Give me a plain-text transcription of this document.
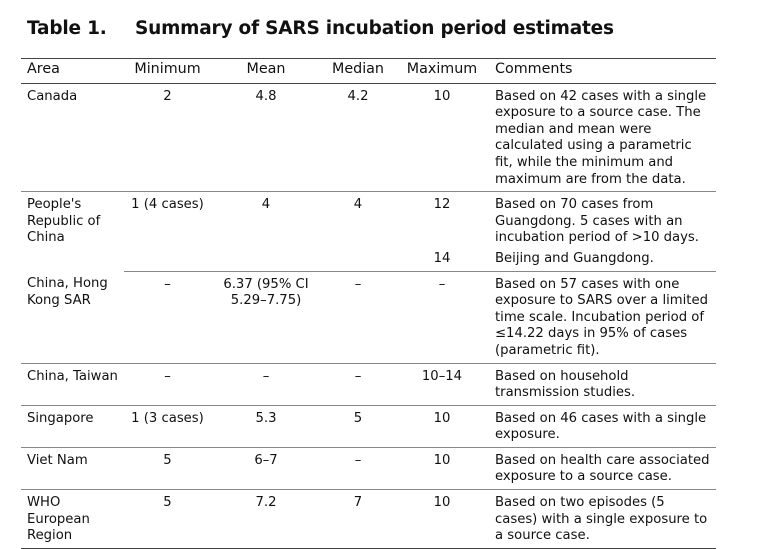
Table 1. Summary of SARS incubation period estimates
Area	Minimum	Mean	Median	Maximum	Comments
Canada	2	4.8	4.2	10	Based on 42 cases with a single exposure to a source case. The median and mean were calculated using a parametric fit, while the minimum and maximum are from the data.
People's Republic of China	1 (4 cases)	4	4	12	Based on 70 cases from Guangdong. 5 cases with an incubation period of >10 days.
				14	Beijing and Guangdong.
China, Hong Kong SAR	–	6.37 (95% CI 5.29–7.75)	–	–	Based on 57 cases with one exposure to SARS over a limited time scale. Incubation period of ≤14.22 days in 95% of cases (parametric fit).
China, Taiwan	–	–	–	10–14	Based on household transmission studies.
Singapore	1 (3 cases)	5.3	5	10	Based on 46 cases with a single exposure.
Viet Nam	5	6–7	–	10	Based on health care associated exposure to a source case.
WHO European Region	5	7.2	7	10	Based on two episodes (5 cases) with a single exposure to a source case.
